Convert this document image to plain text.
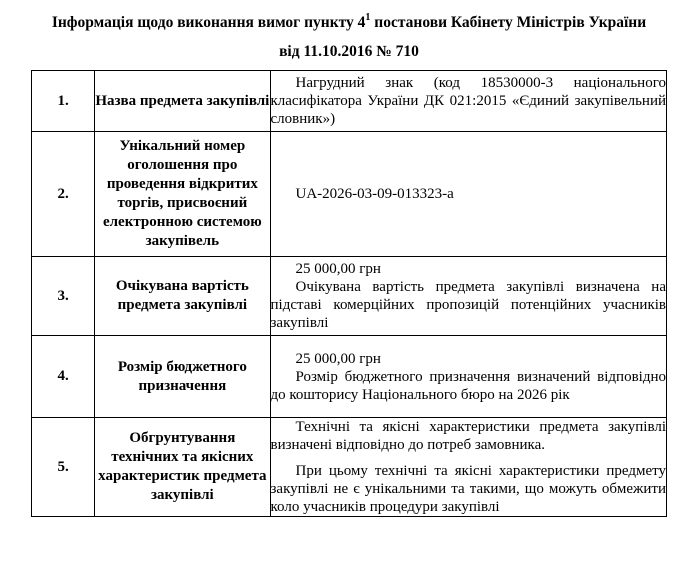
Інформація щодо виконання вимог пункту $4^1$ постанови Кабінету Міністрів України
від 11.10.2016 № 710
1.	Назва предмета закупівлі	Нагрудний знак (код 18530000-3 національного класифікатора України ДК 021:2015 «Єдиний закупівельний словник»)

2.	Унікальний номер оголошення про проведення відкритих торгів, присвоєний електронною системою закупівель	UA-2026-03-09-013323-a

3.	Очікувана вартість предмета закупівлі	25 000,00 грн

Очікувана вартість предмета закупівлі визначена на підставі комерційних пропозицій потенційних учасників закупівлі

4.	Розмір бюджетного призначення	25 000,00 грн

Розмір бюджетного призначення визначений відповідно до кошторису Національного бюро на 2026 рік

5.	Обгрунтування технічних та якісних характеристик предмета закупівлі	Технічні та якісні характеристики предмета закупівлі визначені відповідно до потреб замовника.

При цьому технічні та якісні характеристики предмету закупівлі не є унікальними та такими, що можуть обмежити коло учасників процедури закупівлі
